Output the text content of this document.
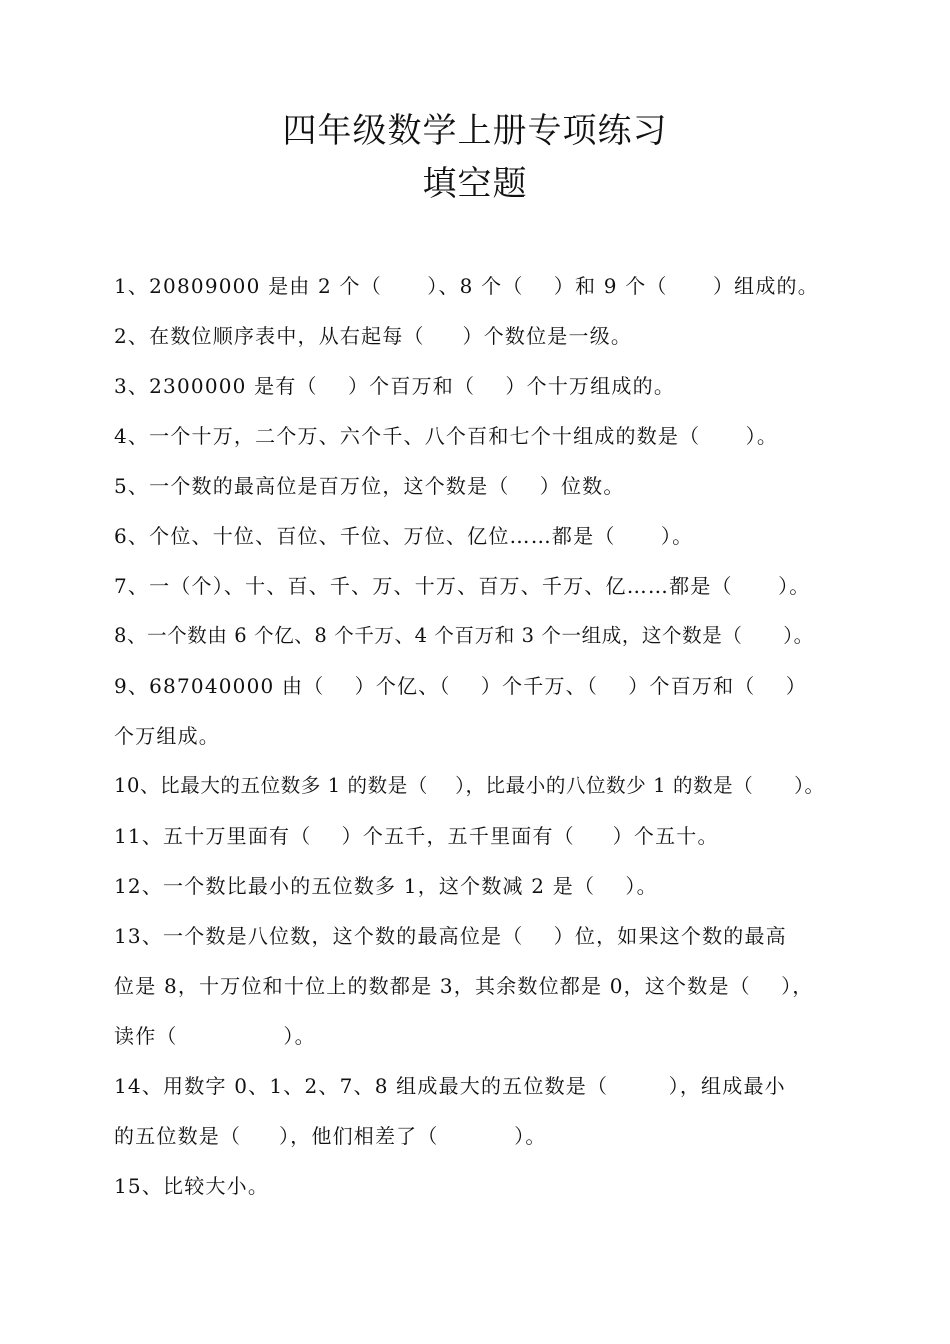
四年级数学上册专项练习
填空题
1、20809000 是由 2 个（      ）、8 个（    ）和 9 个（      ）组成的。
2、在数位顺序表中，从右起每（     ）个数位是一级。
3、2300000 是有（    ）个百万和（    ）个十万组成的。
4、一个十万，二个万、六个千、八个百和七个十组成的数是（      ）。
5、一个数的最高位是百万位，这个数是（    ）位数。
6、个位、十位、百位、千位、万位、亿位……都是（      ）。
7、一（个）、十、百、千、万、十万、百万、千万、亿……都是（      ）。
8、一个数由 6 个亿、8 个千万、4 个百万和 3 个一组成，这个数是（      ）。
9、687040000 由（    ）个亿、（    ）个千万、（    ）个百万和（    ）
个万组成。
10、比最大的五位数多 1 的数是（    ），比最小的八位数少 1 的数是（      ）。
11、五十万里面有（    ）个五千，五千里面有（     ）个五十。
12、一个数比最小的五位数多 1，这个数减 2 是（    ）。
13、一个数是八位数，这个数的最高位是（    ）位，如果这个数的最高
位是 8，十万位和十位上的数都是 3，其余数位都是 0，这个数是（    ），
读作（              ）。
14、用数字 0、1、2、7、8 组成最大的五位数是（        ），组成最小
的五位数是（     ），他们相差了（          ）。
15、比较大小。
